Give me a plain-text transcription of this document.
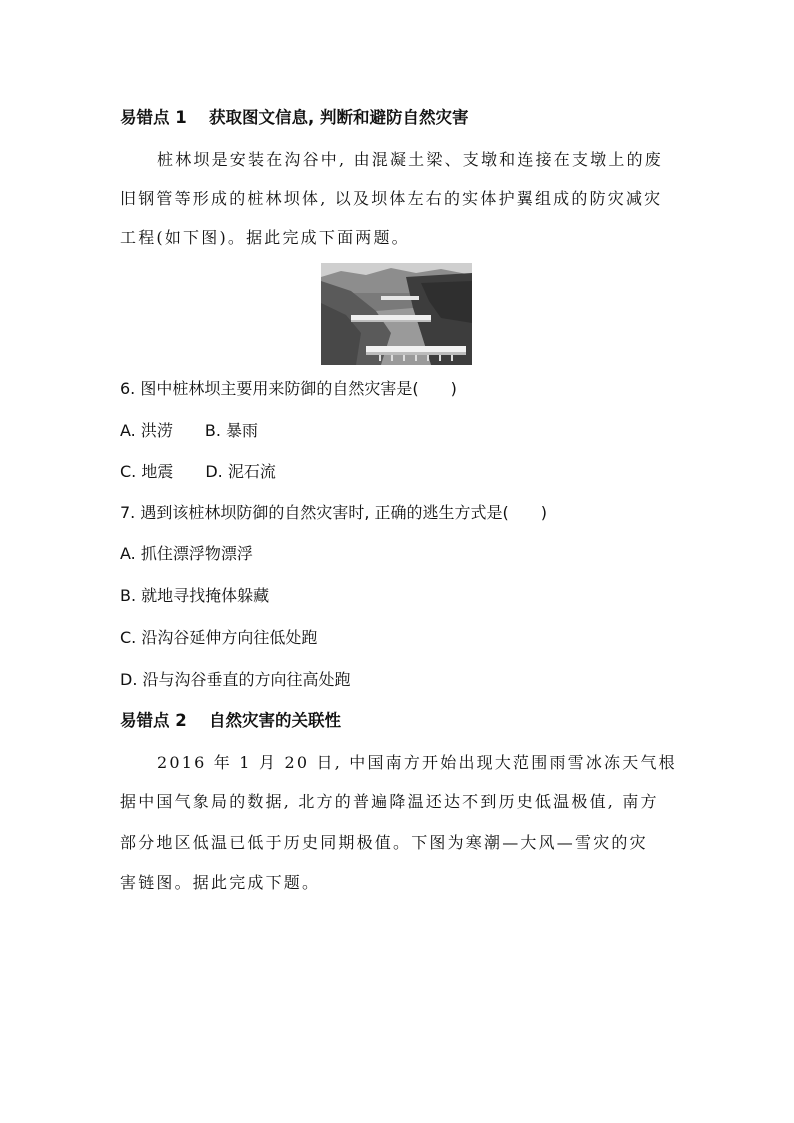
易错点 1　 获取图文信息, 判断和避防自然灾害
桩林坝是安装在沟谷中, 由混凝土梁、支墩和连接在支墩上的废
旧钢管等形成的桩林坝体, 以及坝体左右的实体护翼组成的防灾减灾
工程(如下图)。据此完成下面两题。
6. 图中桩林坝主要用来防御的自然灾害是(　　)
A. 洪涝　　B. 暴雨
C. 地震　　D. 泥石流
7. 遇到该桩林坝防御的自然灾害时, 正确的逃生方式是(　　)
A. 抓住漂浮物漂浮
B. 就地寻找掩体躲藏
C. 沿沟谷延伸方向往低处跑
D. 沿与沟谷垂直的方向往高处跑
易错点 2　 自然灾害的关联性
2016 年 1 月 20 日, 中国南方开始出现大范围雨雪冰冻天气根
据中国气象局的数据, 北方的普遍降温还达不到历史低温极值, 南方
部分地区低温已低于历史同期极值。下图为寒潮—大风—雪灾的灾
害链图。据此完成下题。
